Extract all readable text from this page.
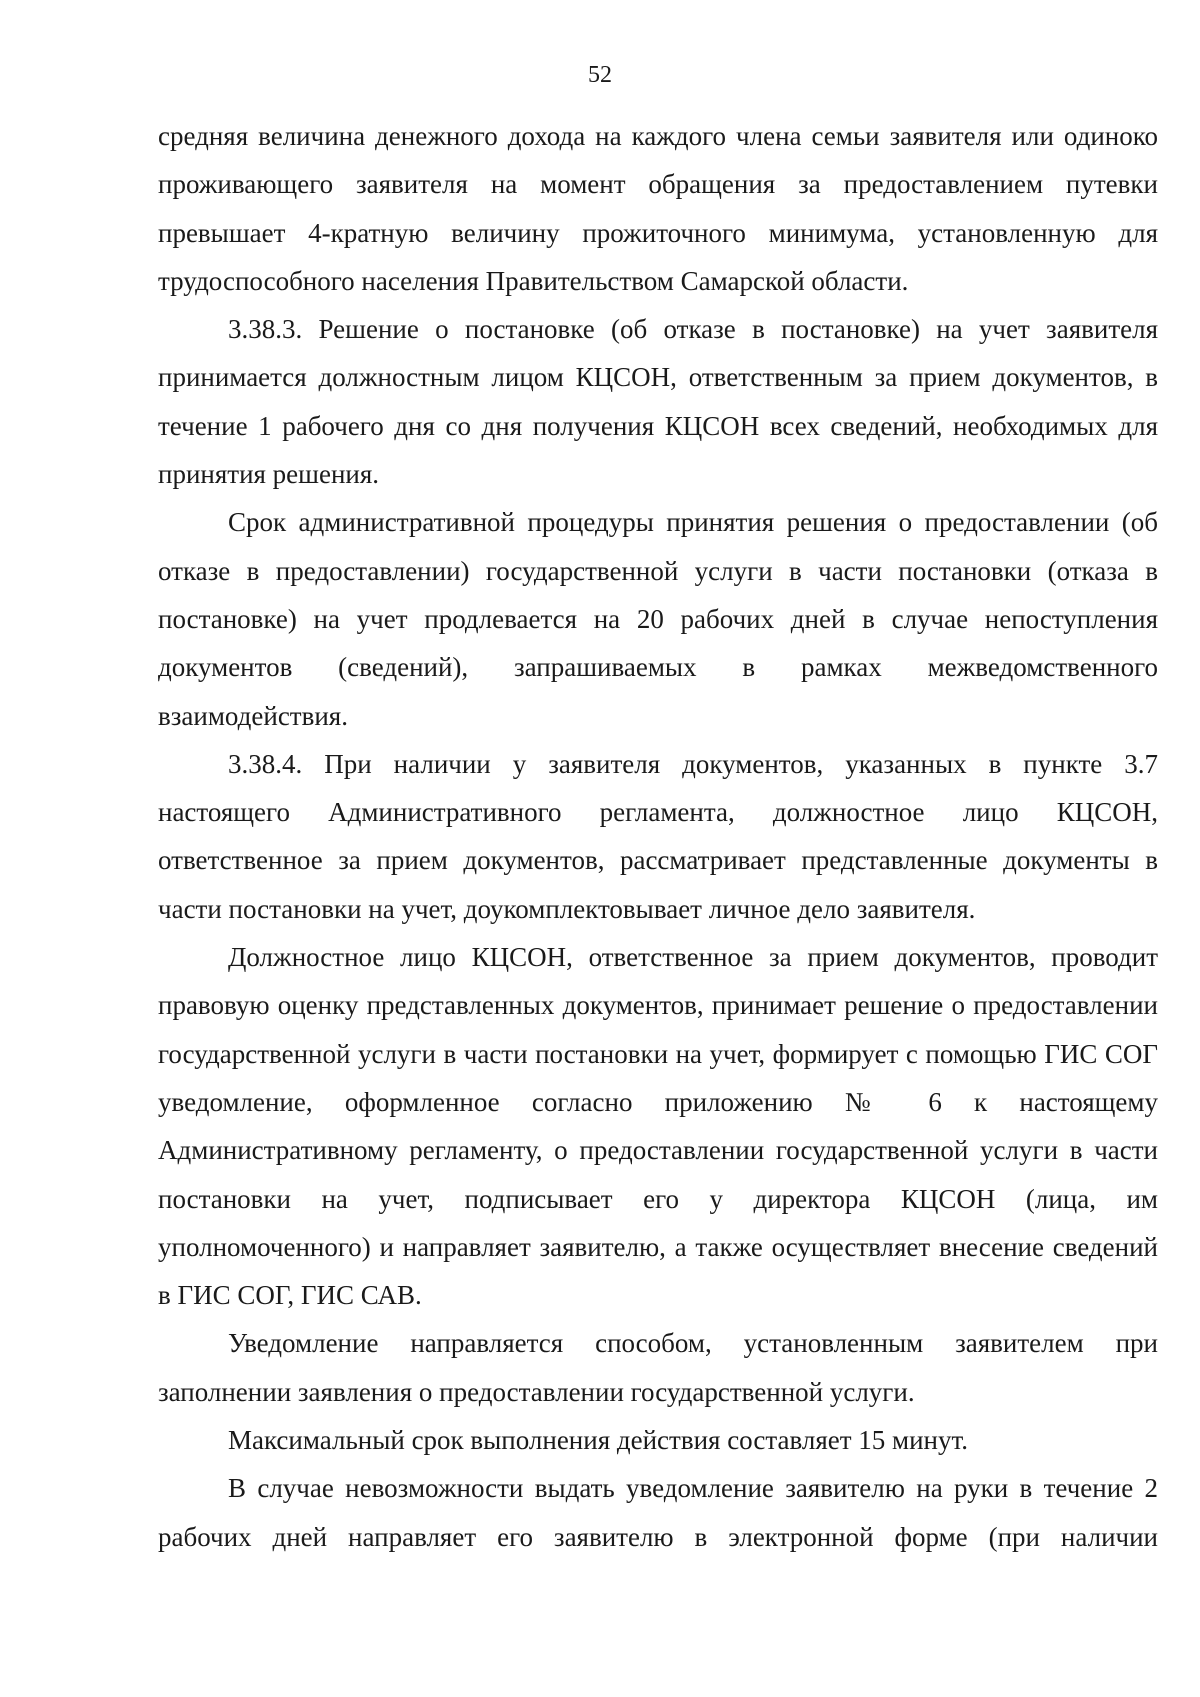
52

средняя величина денежного дохода на каждого члена семьи заявителя или одиноко проживающего заявителя на момент обращения за предоставлением путевки превышает 4-кратную величину прожиточного минимума, установленную для трудоспособного населения Правительством Самарской области.

3.38.3. Решение о постановке (об отказе в постановке) на учет заявителя принимается должностным лицом КЦСОН, ответственным за прием документов, в течение 1 рабочего дня со дня получения КЦСОН всех сведений, необходимых для принятия решения.

Срок административной процедуры принятия решения о предоставлении (об отказе в предоставлении) государственной услуги в части постановки (отказа в постановке) на учет продлевается на 20 рабочих дней в случае непоступления документов (сведений), запрашиваемых в рамках межведомственного взаимодействия.

3.38.4. При наличии у заявителя документов, указанных в пункте 3.7 настоящего Административного регламента, должностное лицо КЦСОН, ответственное за прием документов, рассматривает представленные документы в части постановки на учет, доукомплектовывает личное дело заявителя.

Должностное лицо КЦСОН, ответственное за прием документов, проводит правовую оценку представленных документов, принимает решение о предоставлении государственной услуги в части постановки на учет, формирует с помощью ГИС СОГ уведомление, оформленное согласно приложению № 6 к настоящему Административному регламенту, о предоставлении государственной услуги в части постановки на учет, подписывает его у директора КЦСОН (лица, им уполномоченного) и направляет заявителю, а также осуществляет внесение сведений в ГИС СОГ, ГИС САВ.

Уведомление направляется способом, установленным заявителем при заполнении заявления о предоставлении государственной услуги.

Максимальный срок выполнения действия составляет 15 минут.

В случае невозможности выдать уведомление заявителю на руки в течение 2 рабочих дней направляет его заявителю в электронной форме (при наличии
